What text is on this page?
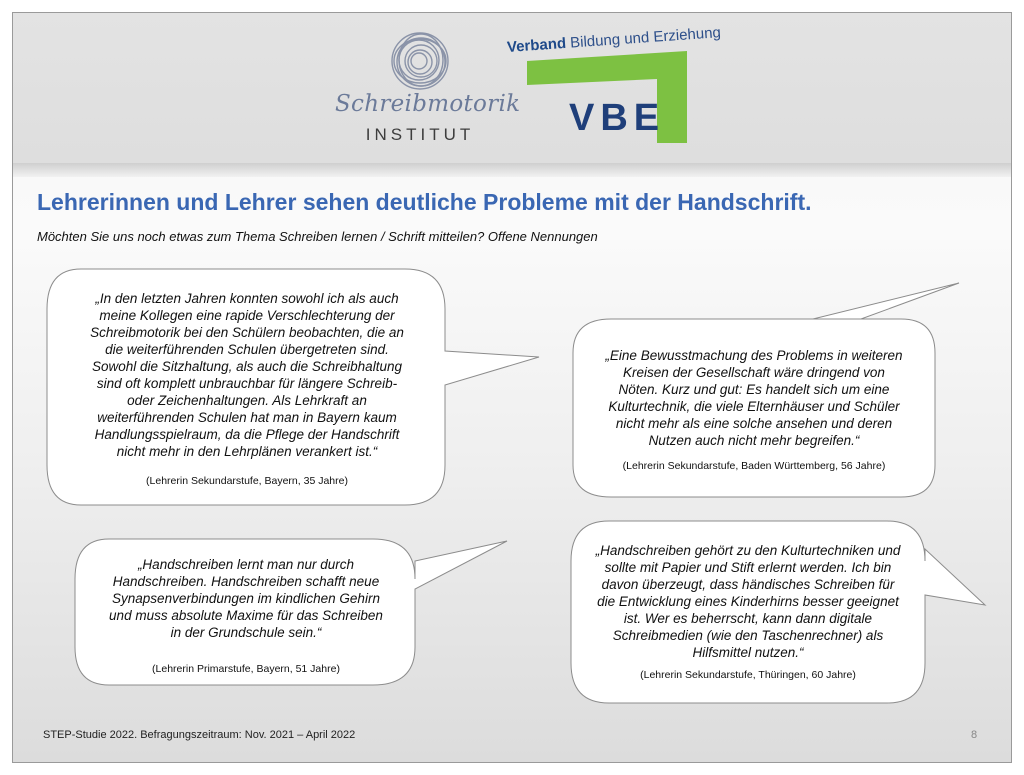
Schreibmotorik
INSTITUT
Verband Bildung und Erziehung
VBE
Lehrerinnen und Lehrer sehen deutliche Probleme mit der Handschrift.
Möchten Sie uns noch etwas zum Thema Schreiben lernen / Schrift mitteilen? Offene Nennungen
„In den letzten Jahren konnten sowohl ich als auch
meine Kollegen eine rapide Verschlechterung der
Schreibmotorik bei den Schülern beobachten, die an
die weiterführenden Schulen übergetreten sind.
Sowohl die Sitzhaltung, als auch die Schreibhaltung
sind oft komplett unbrauchbar für längere Schreib-
oder Zeichenhaltungen. Als Lehrkraft an
weiterführenden Schulen hat man in Bayern kaum
Handlungsspielraum, da die Pflege der Handschrift
nicht mehr in den Lehrplänen verankert ist.“
(Lehrerin Sekundarstufe, Bayern, 35 Jahre)
„Eine Bewusstmachung des Problems in weiteren
Kreisen der Gesellschaft wäre dringend von
Nöten. Kurz und gut: Es handelt sich um eine
Kulturtechnik, die viele Elternhäuser und Schüler
nicht mehr als eine solche ansehen und deren
Nutzen auch nicht mehr begreifen.“
(Lehrerin Sekundarstufe, Baden Württemberg, 56 Jahre)
„Handschreiben lernt man nur durch
Handschreiben. Handschreiben schafft neue
Synapsenverbindungen im kindlichen Gehirn
und muss absolute Maxime für das Schreiben
in der Grundschule sein.“
(Lehrerin Primarstufe, Bayern, 51 Jahre)
„Handschreiben gehört zu den Kulturtechniken und
sollte mit Papier und Stift erlernt werden. Ich bin
davon überzeugt, dass händisches Schreiben für
die Entwicklung eines Kinderhirns besser geeignet
ist. Wer es beherrscht, kann dann digitale
Schreibmedien (wie den Taschenrechner) als
Hilfsmittel nutzen.“
(Lehrerin Sekundarstufe, Thüringen, 60 Jahre)
STEP-Studie 2022. Befragungszeitraum: Nov. 2021 – April 2022	8
